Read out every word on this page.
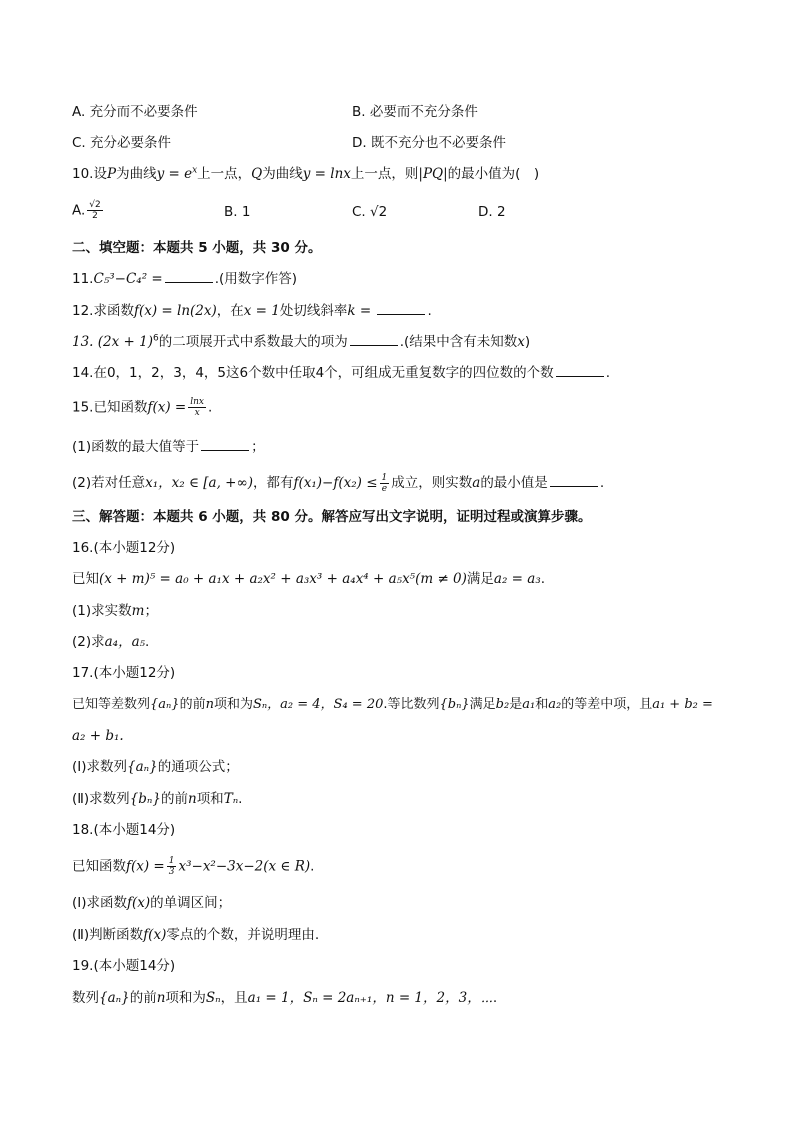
A. 充分而不必要条件	B. 必要而不充分条件
C. 充分必要条件	D. 既不充分也不必要条件
10.设P为曲线$y = e^x$上一点，Q为曲线y = lnx上一点，则|PQ|的最小值为(　)
A. $\frac{√2}{2}$	B. 1	C. √2	D. 2
二、填空题：本题共 5 小题，共 30 分。
11.C₅³−C₄² =	.(用数字作答)
12.求函数f(x) = ln(2x)，在x = 1处切线斜率k =	.
13. $(2x + 1)^6$的二项展开式中系数最大的项为	.(结果中含有未知数x)
14.在0，1，2，3，4，5这6个数中任取4个，可组成无重复数字的四位数的个数	.
15.已知函数$f(x) = \frac{\ln x}{x}$ .
(1)函数的最大值等于	；
(2)若对任意x₁，x₂ ∈ [a, +∞)，都有$f(x_1)-f(x_2) \le \frac{1}{e}$ 成立，则实数a的最小值是	.
三、解答题：本题共 6 小题，共 80 分。解答应写出文字说明，证明过程或演算步骤。
16.(本小题12分)
已知(x + m)⁵ = a₀ + a₁x + a₂x² + a₃x³ + a₄x⁴ + a₅x⁵(m ≠ 0)满足a₂ = a₃.
(1)求实数m；
(2)求a₄，a₅.
17.(本小题12分)
已知等差数列{aₙ}的前n项和为Sₙ，a₂ = 4，S₄ = 20.等比数列{bₙ}满足b₂是a₁和a₂的等差中项，且a₁ + b₂ =
a₂ + b₁.
(Ⅰ)求数列{aₙ}的通项公式；
(Ⅱ)求数列{bₙ}的前n项和Tₙ.
18.(本小题14分)
已知函数$f(x) = \frac{1}{3} x^3-x^2-3x-2(x$ ∈ R).
(Ⅰ)求函数f(x)的单调区间；
(Ⅱ)判断函数f(x)零点的个数，并说明理由.
19.(本小题14分)
数列{aₙ}的前n项和为Sₙ，且a₁ = 1，Sₙ = 2aₙ₊₁，n = 1，2，3，⋯.
